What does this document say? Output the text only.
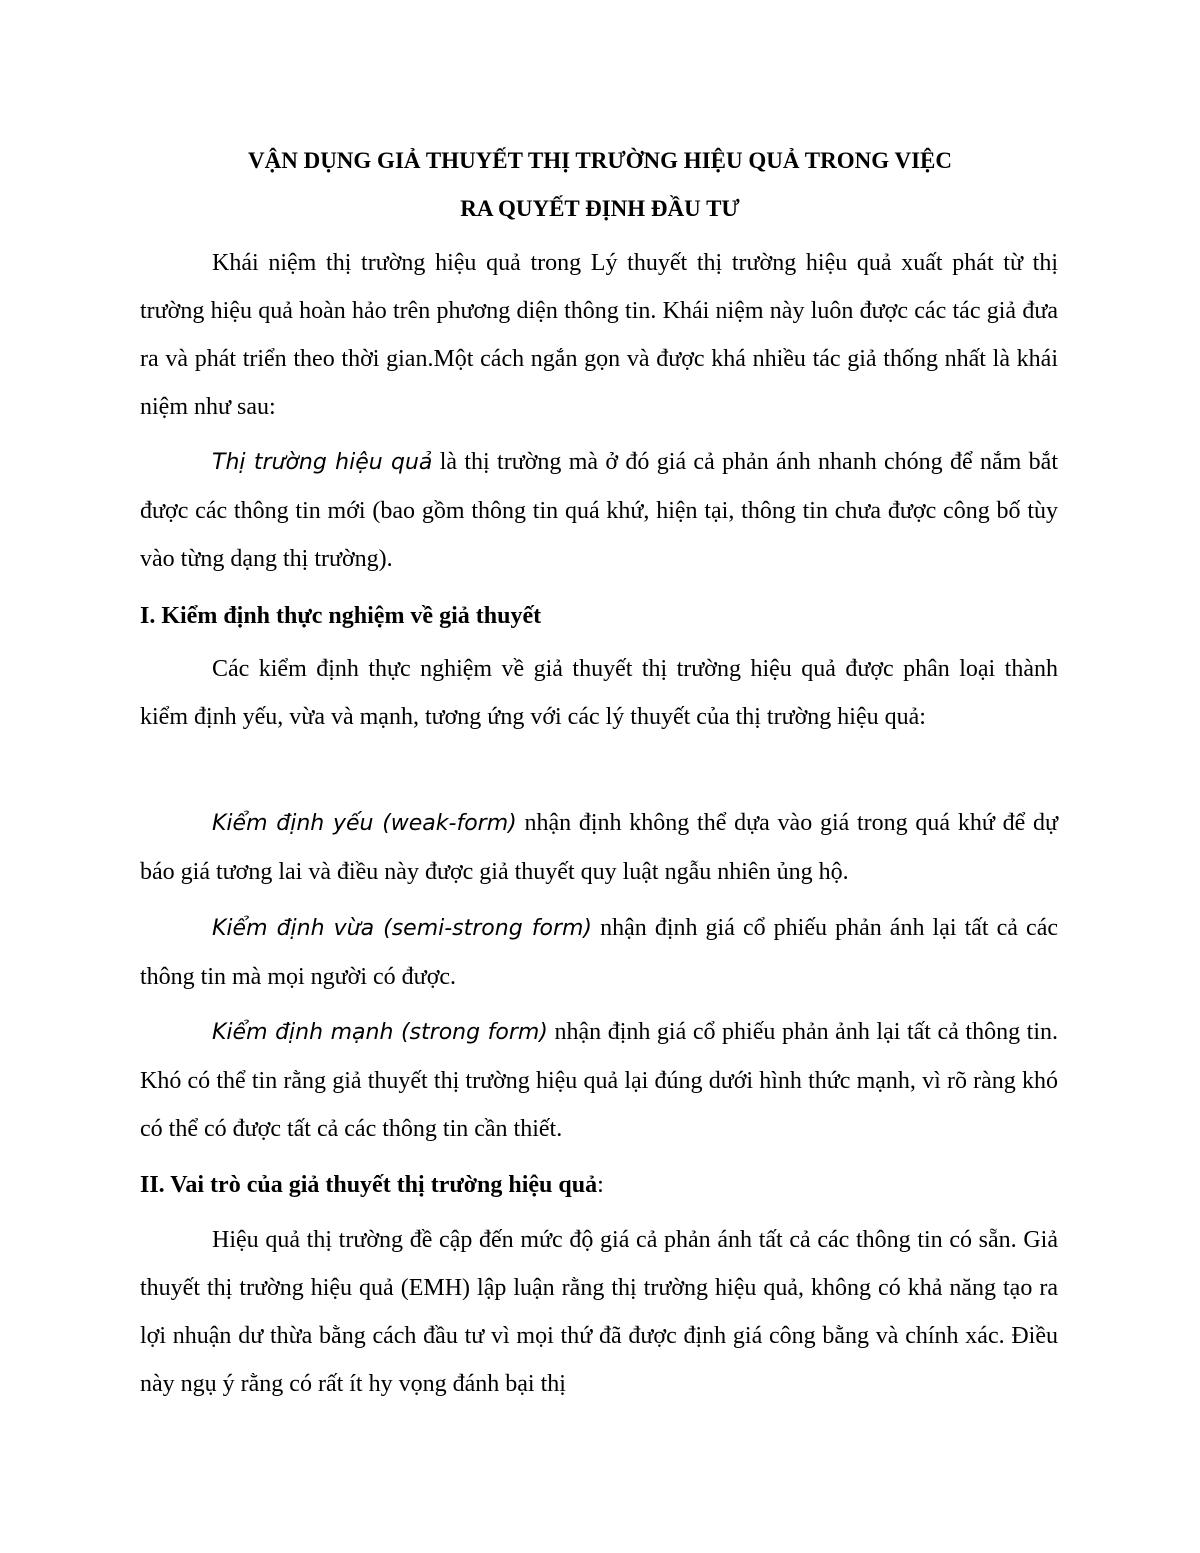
VẬN DỤNG GIẢ THUYẾT THỊ TRƯỜNG HIỆU QUẢ TRONG VIỆC
RA QUYẾT ĐỊNH ĐẦU TƯ

Khái niệm thị trường hiệu quả trong Lý thuyết thị trường hiệu quả xuất phát từ thị trường hiệu quả hoàn hảo trên phương diện thông tin. Khái niệm này luôn được các tác giả đưa ra và phát triển theo thời gian.Một cách ngắn gọn và được khá nhiều tác giả thống nhất là khái niệm như sau:

Thị trường hiệu quả là thị trường mà ở đó giá cả phản ánh nhanh chóng để nắm bắt được các thông tin mới (bao gồm thông tin quá khứ, hiện tại, thông tin chưa được công bố tùy vào từng dạng thị trường).

I. Kiểm định thực nghiệm về giả thuyết

Các kiểm định thực nghiệm về giả thuyết thị trường hiệu quả được phân loại thành kiểm định yếu, vừa và mạnh, tương ứng với các lý thuyết của thị trường hiệu quả:

Kiểm định yếu (weak-form) nhận định không thể dựa vào giá trong quá khứ để dự báo giá tương lai và điều này được giả thuyết quy luật ngẫu nhiên ủng hộ.

Kiểm định vừa (semi-strong form) nhận định giá cổ phiếu phản ánh lại tất cả các thông tin mà mọi người có được.

Kiểm định mạnh (strong form) nhận định giá cổ phiếu phản ảnh lại tất cả thông tin. Khó có thể tin rằng giả thuyết thị trường hiệu quả lại đúng dưới hình thức mạnh, vì rõ ràng khó có thể có được tất cả các thông tin cần thiết.

II. Vai trò của giả thuyết thị trường hiệu quả:

Hiệu quả thị trường đề cập đến mức độ giá cả phản ánh tất cả các thông tin có sẵn. Giả thuyết thị trường hiệu quả (EMH) lập luận rằng thị trường hiệu quả, không có khả năng tạo ra lợi nhuận dư thừa bằng cách đầu tư vì mọi thứ đã được định giá công bằng và chính xác. Điều này ngụ ý rằng có rất ít hy vọng đánh bại thị
